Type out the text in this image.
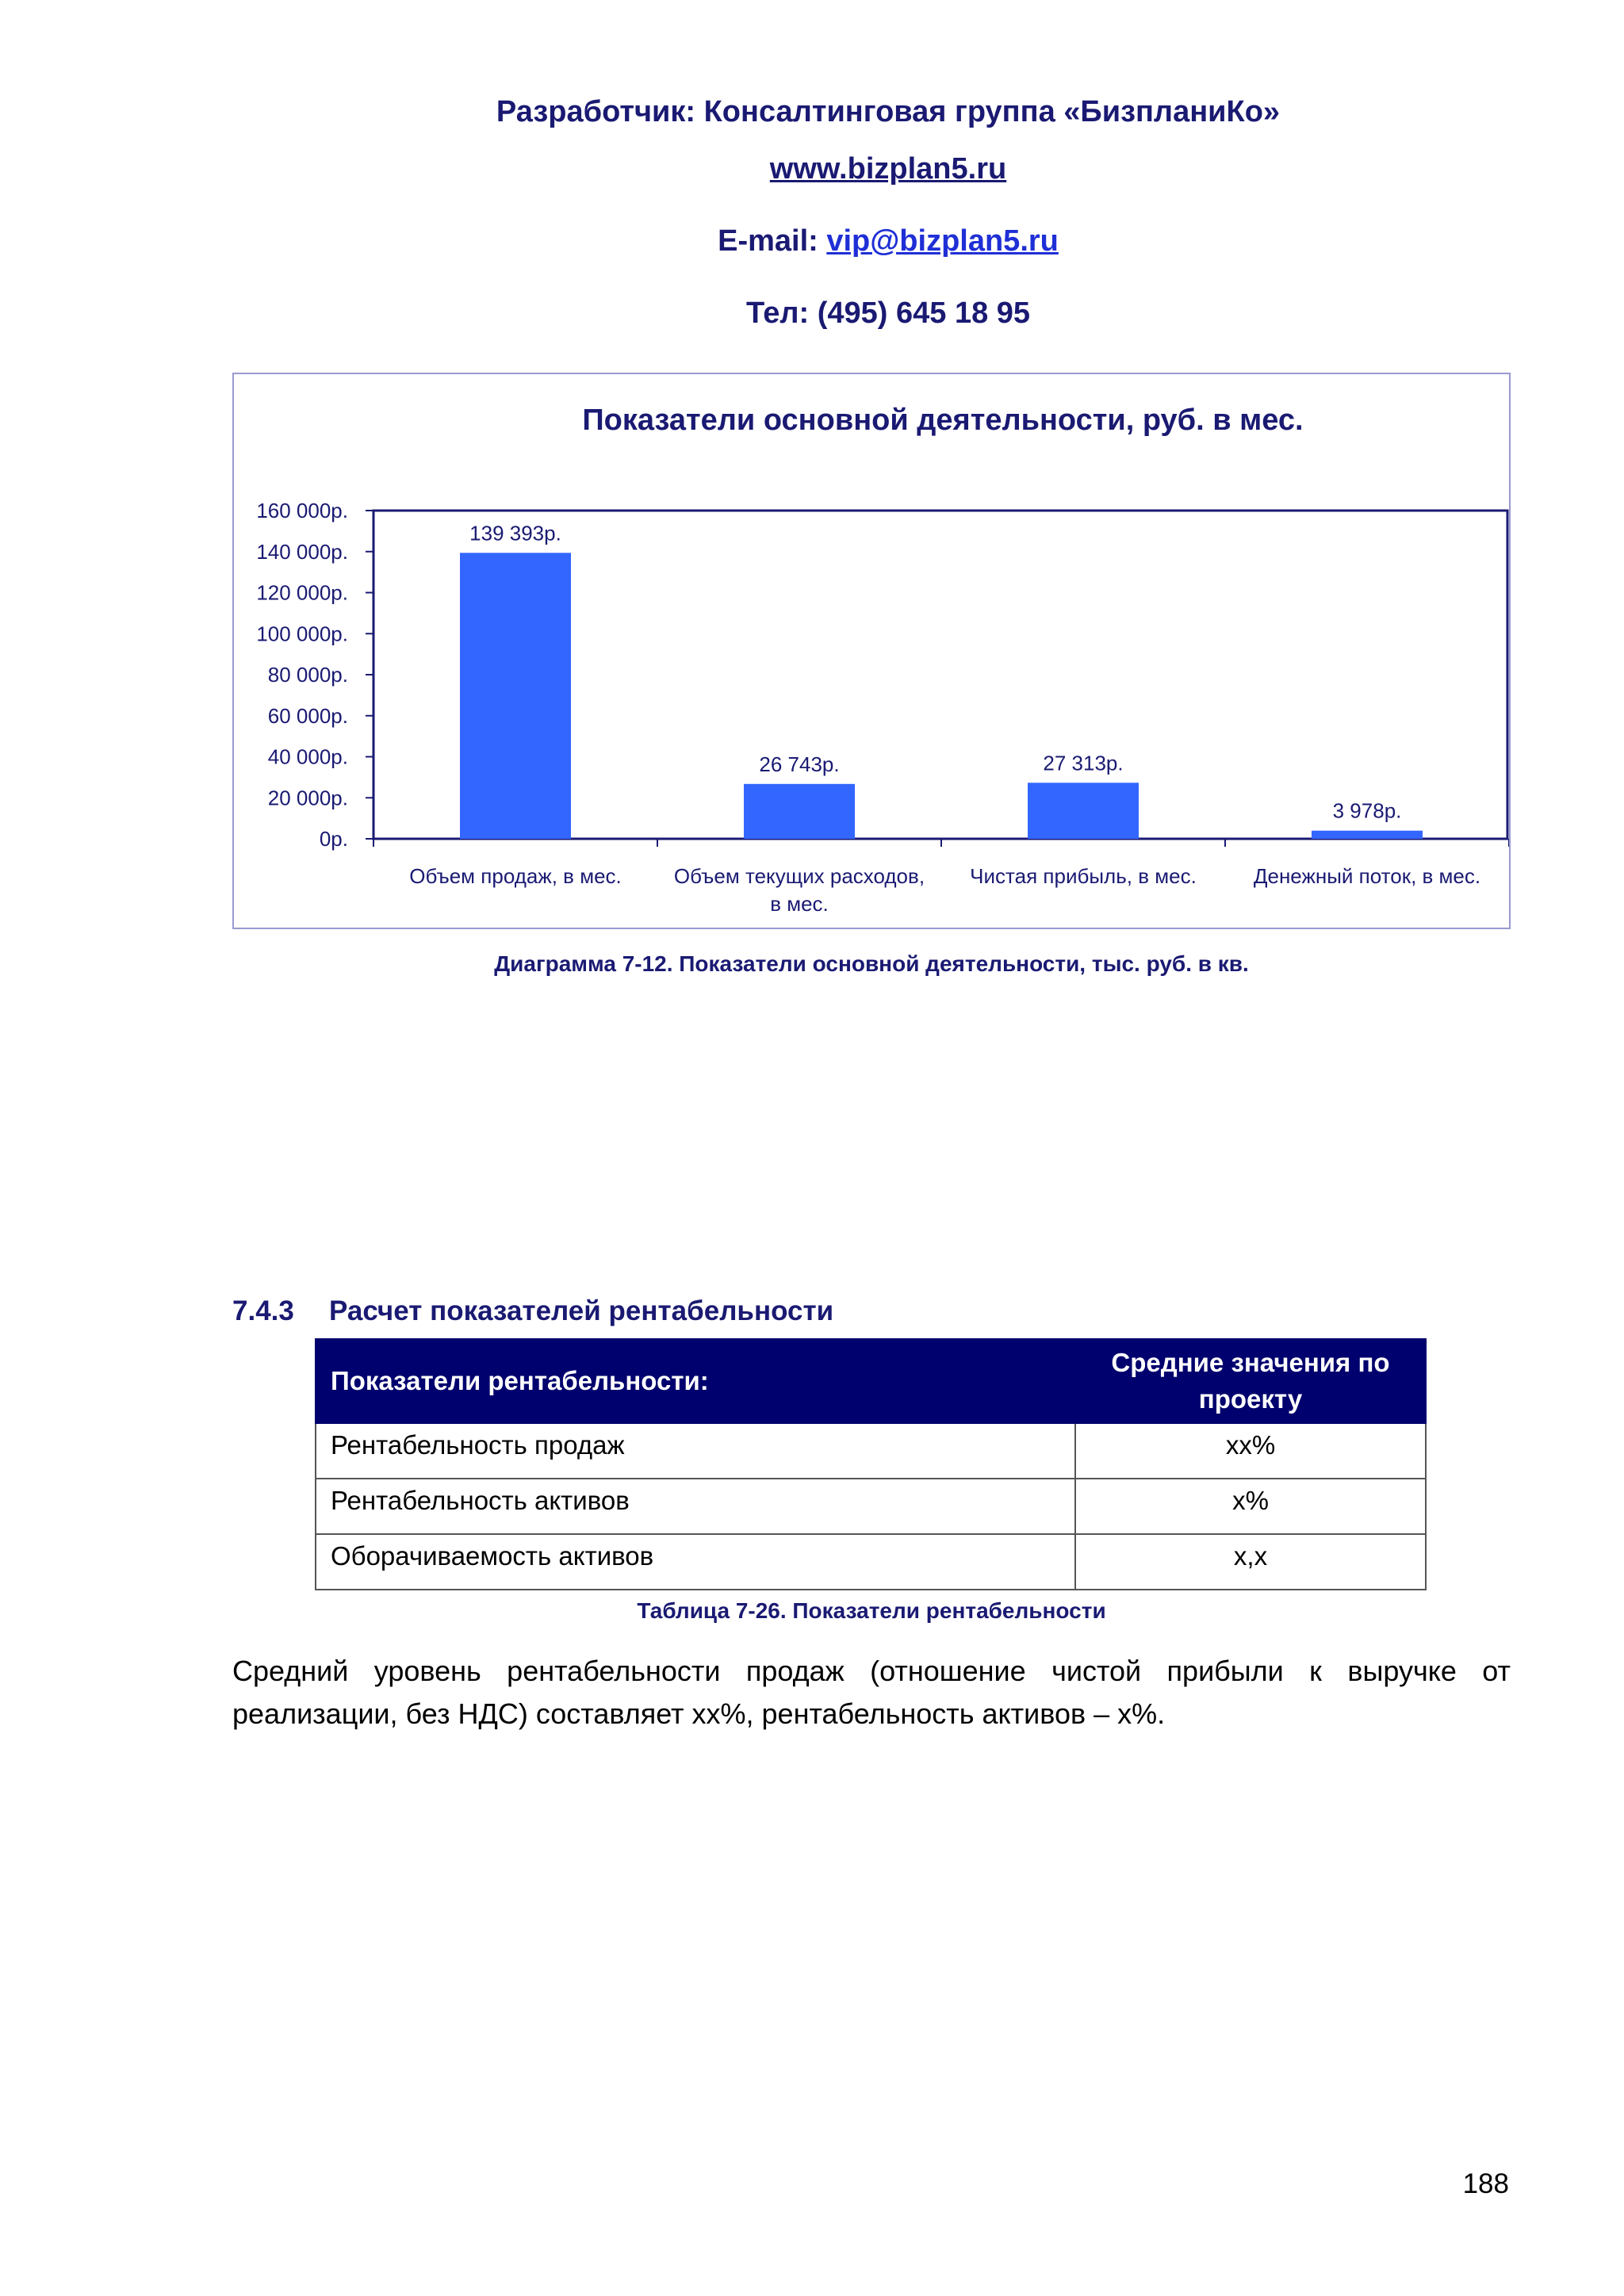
Разработчик: Консалтинговая группа «БизпланиКо»
www.bizplan5.ru
E-mail: vip@bizplan5.ru
Тел: (495) 645 18 95
Показатели основной деятельности, руб. в мес.
0р.
20 000р.
40 000р.
60 000р.
80 000р.
100 000р.
120 000р.
140 000р.
160 000р.
139 393р.
Объем продаж, в мес.
26 743р.
Объем текущих расходов,
в мес.
27 313р.
Чистая прибыль, в мес.
3 978р.
Денежный поток, в мес.
Диаграмма 7-12. Показатели основной деятельности, тыс. руб. в кв.
7.4.3 Расчет показателей рентабельности
Показатели рентабельности:	Средние значения по проекту
Рентабельность продаж	хх%
Рентабельность активов	х%
Оборачиваемость активов	х,х
Таблица 7-26. Показатели рентабельности
Средний уровень рентабельности продаж (отношение чистой прибыли к выручке от реализации, без НДС) составляет хх%, рентабельность активов – х%.
188
